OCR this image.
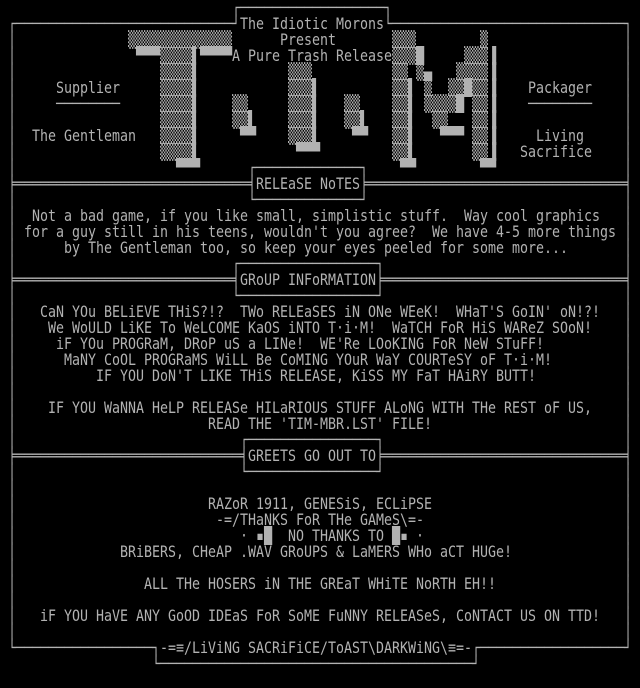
┌──────────────────┐
┌───────────────────────────┘The Idiotic Morons└─────────────────────────────┐
│              ▒▒▒▒▒▒▒▒▒▒▒▒▒      Present       ▒▒▒        ▒                 │
│               ▀▀▀▒▒▒▒▌▀▀▀▀A Pure Trash Release▒▒▒█     ▒▒▒▐                │
│                  ▒▒▒▒▌           ▒▒▒          ▒▒ ▒▄   ▒▒▒▒▐                │
│     Supplier     ▒▒▒▒▌           ▒▒▒▌         ▒▒▌ ▒  ▒▒█▒▒▐    Packager    │
│     ────────     ▒▒▒▒▌    ▒▒     ▒▒▒▌   ▒▒    ▒▒▌ ▒▒▒▒█ ▒▒▐    ────────    │
│                  ▒▒▒▒▌    ▒▒▌    ▒▒▒▌   ▒▒▌   ▒▒▌  ▒▒   ▒▒▐                │
│  The Gentleman   ▒▒▒▒▌     ▀▀    ▒▒▒▌    ▀▀   ▒▒▌   ▀▀▀ ▒▒▐     Living     │
│                  ▒▒▒▒▌            ▀▀▀         ▒▒▌       ▒▒▐   Sacrifice    │
│                    ▀▀▀      ┌─────────────┐    ▀▀        ▀▀                │
╞═════════════════════════════╡RELEaSE NoTES╞════════════════════════════════╡
│                             └─────────────┘                                │
│  Not a bad game, if you like small, simplistic stuff.  Way cool graphics   │
│ for a guy still in his teens, wouldn't you agree?  We have 4-5 more things │
│      by The Gentleman too, so keep your eyes peeled for some more...       │
│                           ┌─────────────────┐                              │
╞═══════════════════════════╡GRoUP INFoRMATION╞══════════════════════════════╡
│                           └─────────────────┘                              │
│   CaN YOu BELiEVE THiS?!?  TWo RELEaSES iN ONe WEeK!  WHaT'S GoIN' oN!?!   │
│    We WoULD LiKE To WeLCOME KaOS iNTO T·i·M!  WaTCH FoR HiS WAReZ SOoN!    │
│     iF YOu PROGRaM, DRoP uS a LINe!  WE'Re LOoKING FoR NeW STuFF!          │
│      MaNY CoOL PROGRaMS WiLL Be CoMING YOuR WaY COURTeSY oF T·i·M!         │
│          IF YOU DoN'T LIKE THiS RELEASE, KiSS MY FaT HAiRY BUTT!           │
│                                                                            │
│    IF YOU WaNNA HeLP RELEASe HILaRIOUS STUFF ALoNG WITH THe REST oF US,    │
│                        READ THE 'TIM-MBR.LST' FILE!                        │
│                            ┌────────────────┐                              │
╞════════════════════════════╡GREETS GO OUT TO╞══════════════════════════════╡
│                            └────────────────┘                              │
│                                                                            │
│                        RAZoR 1911, GENESiS, ECLiPSE                        │
│                         -=/THaNKS FoR THe GAMeS\=-                         │
│                            · ▪█  NO THANKS TO █▪ ·                         │
│             BRiBERS, CHeAP .WAV GRoUPS & LaMERS WHo aCT HUGe!              │
│                                                                            │
│                ALL THe HOSERS iN THE GREaT WHiTE NoRTH EH!!                │
│                                                                            │
│   iF YOU HaVE ANY GoOD IDEaS FoR SoME FuNNY RELEASeS, CoNTACT US ON TTD!   │
│                                                                            │
└─────────────────┐-=≡/LiViNG SACRiFiCE/ToAST\DARKWiNG\≡=-┌──────────────────┘
└───────────────────────────────────────┘
